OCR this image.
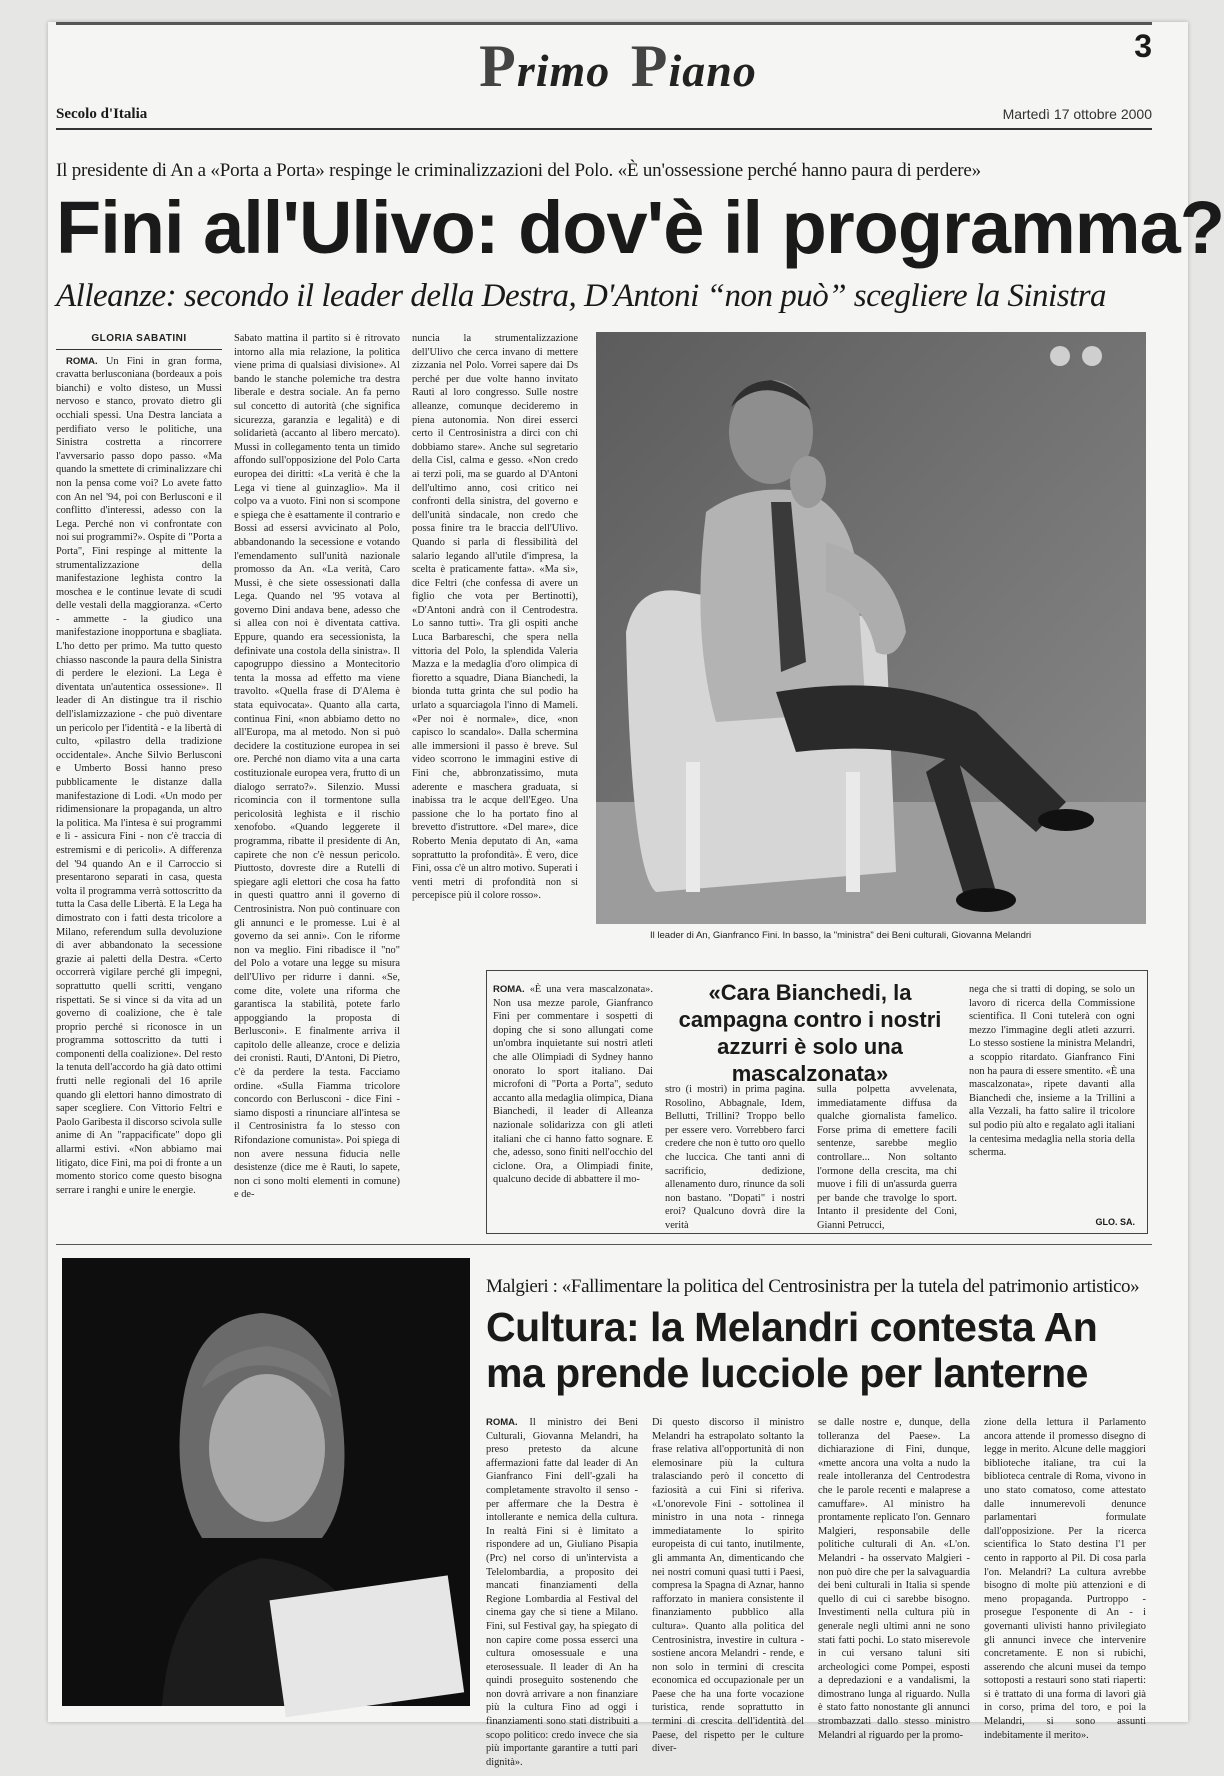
Primo Piano	3
Secolo d'Italia	Martedì 17 ottobre 2000
Il presidente di An a «Porta a Porta» respinge le criminalizzazioni del Polo. «È un'ossessione perché hanno paura di perdere»
Fini all'Ulivo: dov'è il programma?
Alleanze: secondo il leader della Destra, D'Antoni “non può” scegliere la Sinistra
GLORIA SABATINI

ROMA. Un Fini in gran forma, cravatta berlusconiana (bordeaux a pois bianchi) e volto disteso, un Mussi nervoso e stanco, provato dietro gli occhiali spessi. Una Destra lanciata a perdifiato verso le politiche, una Sinistra costretta a rincorrere l'avversario passo dopo passo. «Ma quando la smettete di criminalizzare chi non la pensa come voi? Lo avete fatto con An nel '94, poi con Berlusconi e il conflitto d'interessi, adesso con la Lega. Perché non vi confrontate con noi sui programmi?». Ospite di "Porta a Porta", Fini respinge al mittente la strumentalizzazione della manifestazione leghista contro la moschea e le continue levate di scudi delle vestali della maggioranza. «Certo - ammette - la giudico una manifestazione inopportuna e sbagliata. L'ho detto per primo. Ma tutto questo chiasso nasconde la paura della Sinistra di perdere le elezioni. La Lega è diventata un'autentica ossessione». Il leader di An distingue tra il rischio dell'islamizzazione - che può diventare un pericolo per l'identità - e la libertà di culto, «pilastro della tradizione occidentale». Anche Silvio Berlusconi e Umberto Bossi hanno preso pubblicamente le distanze dalla manifestazione di Lodi. «Un modo per ridimensionare la propaganda, un altro la politica. Ma l'intesa è sui programmi e lì - assicura Fini - non c'è traccia di estremismi e di pericoli». A differenza del '94 quando An e il Carroccio si presentarono separati in casa, questa volta il programma verrà sottoscritto da tutta la Casa delle Libertà. E la Lega ha dimostrato con i fatti desta tricolore a Milano, referendum sulla devoluzione di aver abbandonato la secessione grazie ai paletti della Destra. «Certo occorrerà vigilare perché gli impegni, soprattutto quelli scritti, vengano rispettati. Se si vince si da vita ad un governo di coalizione, che è tale proprio perché si riconosce in un programma sottoscritto da tutti i componenti della coalizione». Del resto la tenuta dell'accordo ha già dato ottimi frutti nelle regionali del 16 aprile quando gli elettori hanno dimostrato di saper scegliere. Con Vittorio Feltri e Paolo Garibesta il discorso scivola sulle anime di An "rappacificate" dopo gli allarmi estivi. «Non abbiamo mai litigato, dice Fini, ma poi di fronte a un momento storico come questo bisogna serrare i ranghi e unire le energie.

Sabato mattina il partito si è ritrovato intorno alla mia relazione, la politica viene prima di qualsiasi divisione». Al bando le stanche polemiche tra destra liberale e destra sociale. An fa perno sul concetto di autorità (che significa sicurezza, garanzia e legalità) e di solidarietà (accanto al libero mercato). Mussi in collegamento tenta un timido affondo sull'opposizione del Polo Carta europea dei diritti: «La verità è che la Lega vi tiene al guinzaglio». Ma il colpo va a vuoto. Fini non si scompone e spiega che è esattamente il contrario e Bossi ad essersi avvicinato al Polo, abbandonando la secessione e votando l'emendamento sull'unità nazionale promosso da An. «La verità, Caro Mussi, è che siete ossessionati dalla Lega. Quando nel '95 votava al governo Dini andava bene, adesso che si allea con noi è diventata cattiva. Eppure, quando era secessionista, la definivate una costola della sinistra». Il capogruppo diessino a Montecitorio tenta la mossa ad effetto ma viene travolto. «Quella frase di D'Alema è stata equivocata». Quanto alla carta, continua Fini, «non abbiamo detto no all'Europa, ma al metodo. Non si può decidere la costituzione europea in sei ore. Perché non diamo vita a una carta costituzionale europea vera, frutto di un dialogo serrato?». Silenzio. Mussi ricomincia con il tormentone sulla pericolosità leghista e il rischio xenofobo. «Quando leggerete il programma, ribatte il presidente di An, capirete che non c'è nessun pericolo. Piuttosto, dovreste dire a Rutelli di spiegare agli elettori che cosa ha fatto in questi quattro anni il governo di Centrosinistra. Non può continuare con gli annunci e le promesse. Lui è al governo da sei anni». Con le riforme non va meglio. Fini ribadisce il "no" del Polo a votare una legge su misura dell'Ulivo per ridurre i danni. «Se, come dite, volete una riforma che garantisca la stabilità, potete farlo appoggiando la proposta di Berlusconi». E finalmente arriva il capitolo delle alleanze, croce e delizia dei cronisti. Rauti, D'Antoni, Di Pietro, c'è da perdere la testa. Facciamo ordine. «Sulla Fiamma tricolore concordo con Berlusconi - dice Fini - siamo disposti a rinunciare all'intesa se il Centrosinistra fa lo stesso con Rifondazione comunista». Poi spiega di non avere nessuna fiducia nelle desistenze (dice me è Rauti, lo sapete, non ci sono molti elementi in comune) e de-

nuncia la strumentalizzazione dell'Ulivo che cerca invano di mettere zizzania nel Polo. Vorrei sapere dai Ds perché per due volte hanno invitato Rauti al loro congresso. Sulle nostre alleanze, comunque decideremo in piena autonomia. Non direi esserci certo il Centrosinistra a dirci con chi dobbiamo stare». Anche sul segretario della Cisl, calma e gesso. «Non credo ai terzi poli, ma se guardo al D'Antoni dell'ultimo anno, così critico nei confronti della sinistra, del governo e dell'unità sindacale, non credo che possa finire tra le braccia dell'Ulivo. Quando si parla di flessibilità del salario legando all'utile d'impresa, la scelta è praticamente fatta». «Ma sì», dice Feltri (che confessa di avere un figlio che vota per Bertinotti), «D'Antoni andrà con il Centrodestra. Lo sanno tutti». Tra gli ospiti anche Luca Barbareschi, che spera nella vittoria del Polo, la splendida Valeria Mazza e la medaglia d'oro olimpica di fioretto a squadre, Diana Bianchedi, la bionda tutta grinta che sul podio ha urlato a squarciagola l'inno di Mameli. «Per noi è normale», dice, «non capisco lo scandalo». Dalla schermina alle immersioni il passo è breve. Sul video scorrono le immagini estive di Fini che, abbronzatissimo, muta aderente e maschera graduata, si inabissa tra le acque dell'Egeo. Una passione che lo ha portato fino al brevetto d'istruttore. «Del mare», dice Roberto Menia deputato di An, «ama soprattutto la profondità». È vero, dice Fini, ossa c'è un altro motivo. Superati i venti metri di profondità non si percepisce più il colore rosso».

Il leader di An, Gianfranco Fini. In basso, la "ministra" dei Beni culturali, Giovanna Melandri

ROMA. «È una vera mascalzonata». Non usa mezze parole, Gianfranco Fini per commentare i sospetti di doping che si sono allungati come un'ombra inquietante sui nostri atleti che alle Olimpiadi di Sydney hanno onorato lo sport italiano. Dai microfoni di "Porta a Porta", seduto accanto alla medaglia olimpica, Diana Bianchedi, il leader di Alleanza nazionale solidarizza con gli atleti italiani che ci hanno fatto sognare. E che, adesso, sono finiti nell'occhio del ciclone. Ora, a Olimpiadi finite, qualcuno decide di abbattere il mo-

«Cara Bianchedi, la campagna contro i nostri azzurri è solo una mascalzonata»

stro (i mostri) in prima pagina. Rosolino, Abbagnale, Idem, Bellutti, Trillini? Troppo bello per essere vero. Vorrebbero farci credere che non è tutto oro quello che luccica. Che tanti anni di sacrificio, dedizione, allenamento duro, rinunce da soli non bastano. "Dopati" i nostri eroi? Qualcuno dovrà dire la verità

sulla polpetta avvelenata, immediatamente diffusa da qualche giornalista famelico. Forse prima di emettere facili sentenze, sarebbe meglio controllare... Non soltanto l'ormone della crescita, ma chi muove i fili di un'assurda guerra per bande che travolge lo sport. Intanto il presidente del Coni, Gianni Petrucci,

nega che si tratti di doping, se solo un lavoro di ricerca della Commissione scientifica. Il Coni tutelerà con ogni mezzo l'immagine degli atleti azzurri. Lo stesso sostiene la ministra Melandri, a scoppio ritardato. Gianfranco Fini non ha paura di essere smentito. «È una mascalzonata», ripete davanti alla Bianchedi che, insieme a la Trillini a alla Vezzali, ha fatto salire il tricolore sul podio più alto e regalato agli italiani la centesima medaglia nella storia della scherma.

GLO. SA.
Malgieri : «Fallimentare la politica del Centrosinistra per la tutela del patrimonio artistico»
Cultura: la Melandri contesta An ma prende lucciole per lanterne

ROMA. Il ministro dei Beni Culturali, Giovanna Melandri, ha preso pretesto da alcune affermazioni fatte dal leader di An Gianfranco Fini dell'-gzali ha completamente stravolto il senso - per affermare che la Destra è intollerante e nemica della cultura. In realtà Fini si è limitato a rispondere ad un, Giuliano Pisapia (Prc) nel corso di un'intervista a Telelombardia, a proposito dei mancati finanziamenti della Regione Lombardia al Festival del cinema gay che si tiene a Milano. Fini, sul Festival gay, ha spiegato di non capire come possa esserci una cultura omosessuale e una eterosessuale. Il leader di An ha quindi proseguito sostenendo che non dovrà arrivare a non finanziare più la cultura Fino ad oggi i finanziamenti sono stati distribuiti a scopo politico: credo invece che sia più importante garantire a tutti pari dignità».

Di questo discorso il ministro Melandri ha estrapolato soltanto la frase relativa all'opportunità di non elemosinare più la cultura tralasciando però il concetto di faziosità a cui Fini si riferiva. «L'onorevole Fini - sottolinea il ministro in una nota - rinnega immediatamente lo spirito europeista di cui tanto, inutilmente, gli ammanta An, dimenticando che nei nostri comuni quasi tutti i Paesi, compresa la Spagna di Aznar, hanno rafforzato in maniera consistente il finanziamento pubblico alla cultura». Quanto alla politica del Centrosinistra, investire in cultura - sostiene ancora Melandri - rende, e non solo in termini di crescita economica ed occupazionale per un Paese che ha una forte vocazione turistica, rende soprattutto in termini di crescita dell'identità del Paese, del rispetto per le culture diver-

se dalle nostre e, dunque, della tolleranza del Paese». La dichiarazione di Fini, dunque, «mette ancora una volta a nudo la reale intolleranza del Centrodestra che le parole recenti e malaprese a camuffare». Al ministro ha prontamente replicato l'on. Gennaro Malgieri, responsabile delle politiche culturali di An. «L'on. Melandri - ha osservato Malgieri - non può dire che per la salvaguardia dei beni culturali in Italia si spende quello di cui ci sarebbe bisogno. Investimenti nella cultura più in generale negli ultimi anni ne sono stati fatti pochi. Lo stato miserevole in cui versano taluni siti archeologici come Pompei, esposti a depredazioni e a vandalismi, la dimostrano lunga al riguardo. Nulla è stato fatto nonostante gli annunci strombazzati dallo stesso ministro Melandri al riguardo per la promo-

zione della lettura il Parlamento ancora attende il promesso disegno di legge in merito. Alcune delle maggiori biblioteche italiane, tra cui la biblioteca centrale di Roma, vivono in uno stato comatoso, come attestato dalle innumerevoli denunce parlamentari formulate dall'opposizione. Per la ricerca scientifica lo Stato destina l'1 per cento in rapporto al Pil. Di cosa parla l'on. Melandri? La cultura avrebbe bisogno di molte più attenzioni e di meno propaganda. Purtroppo - prosegue l'esponente di An - i governanti ulivisti hanno privilegiato gli annunci invece che intervenire concretamente. E non si rubichi, asserendo che alcuni musei da tempo sottoposti a restauri sono stati riaperti: si è trattato di una forma di lavori già in corso, prima del toro, e poi la Melandri, si sono assunti indebitamente il merito».
